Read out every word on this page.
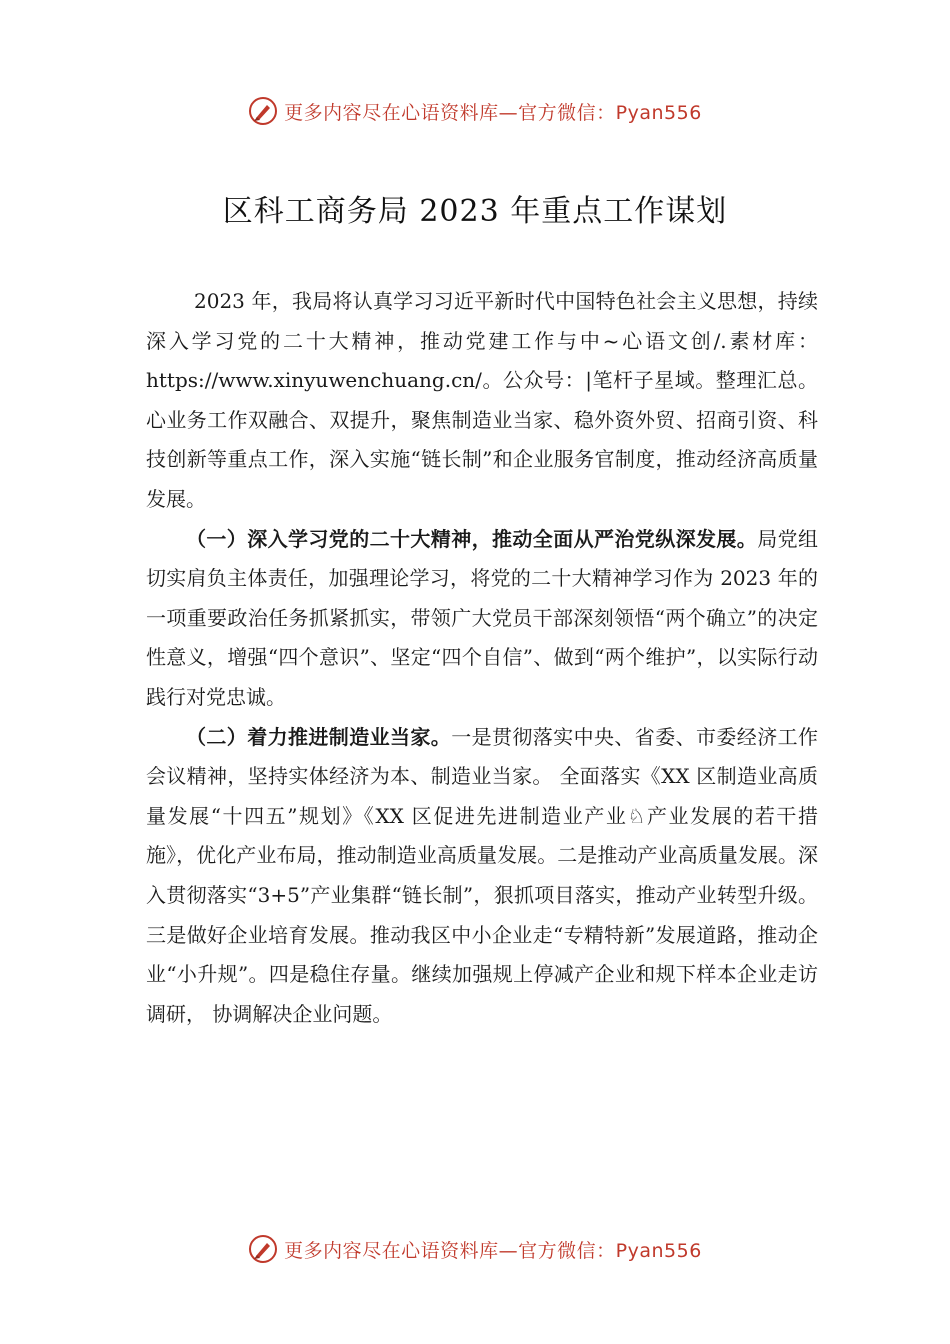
更多内容尽在心语资料库—官方微信：Pyan556
区科工商务局 2023 年重点工作谋划

2023 年，我局将认真学习习近平新时代中国特色社会主义思想，持续深入学习党的二十大精神，推动党建工作与中~心语文创/.素材库：https://www.xinyuwenchuang.cn/。公众号：|笔杆子星域。整理汇总。心业务工作双融合、双提升，聚焦制造业当家、稳外资外贸、招商引资、科技创新等重点工作，深入实施“链长制”和企业服务官制度，推动经济高质量发展。

（一）深入学习党的二十大精神，推动全面从严治党纵深发展。局党组切实肩负主体责任，加强理论学习，将党的二十大精神学习作为 2023 年的一项重要政治任务抓紧抓实，带领广大党员干部深刻领悟“两个确立”的决定性意义，增强“四个意识”、坚定“四个自信”、做到“两个维护”，以实际行动践行对党忠诚。

（二）着力推进制造业当家。一是贯彻落实中央、省委、市委经济工作会议精神，坚持实体经济为本、制造业当家。 全面落实《XX 区制造业高质量发展“十四五”规划》《XX 区促进先进制造业产业♘产业发展的若干措施》，优化产业布局，推动制造业高质量发展。二是推动产业高质量发展。深入贯彻落实“3+5”产业集群“链长制”，狠抓项目落实，推动产业转型升级。三是做好企业培育发展。推动我区中小企业走“专精特新”发展道路，推动企业“小升规”。四是稳住存量。继续加强规上停减产企业和规下样本企业走访调研， 协调解决企业问题。

更多内容尽在心语资料库—官方微信：Pyan556
